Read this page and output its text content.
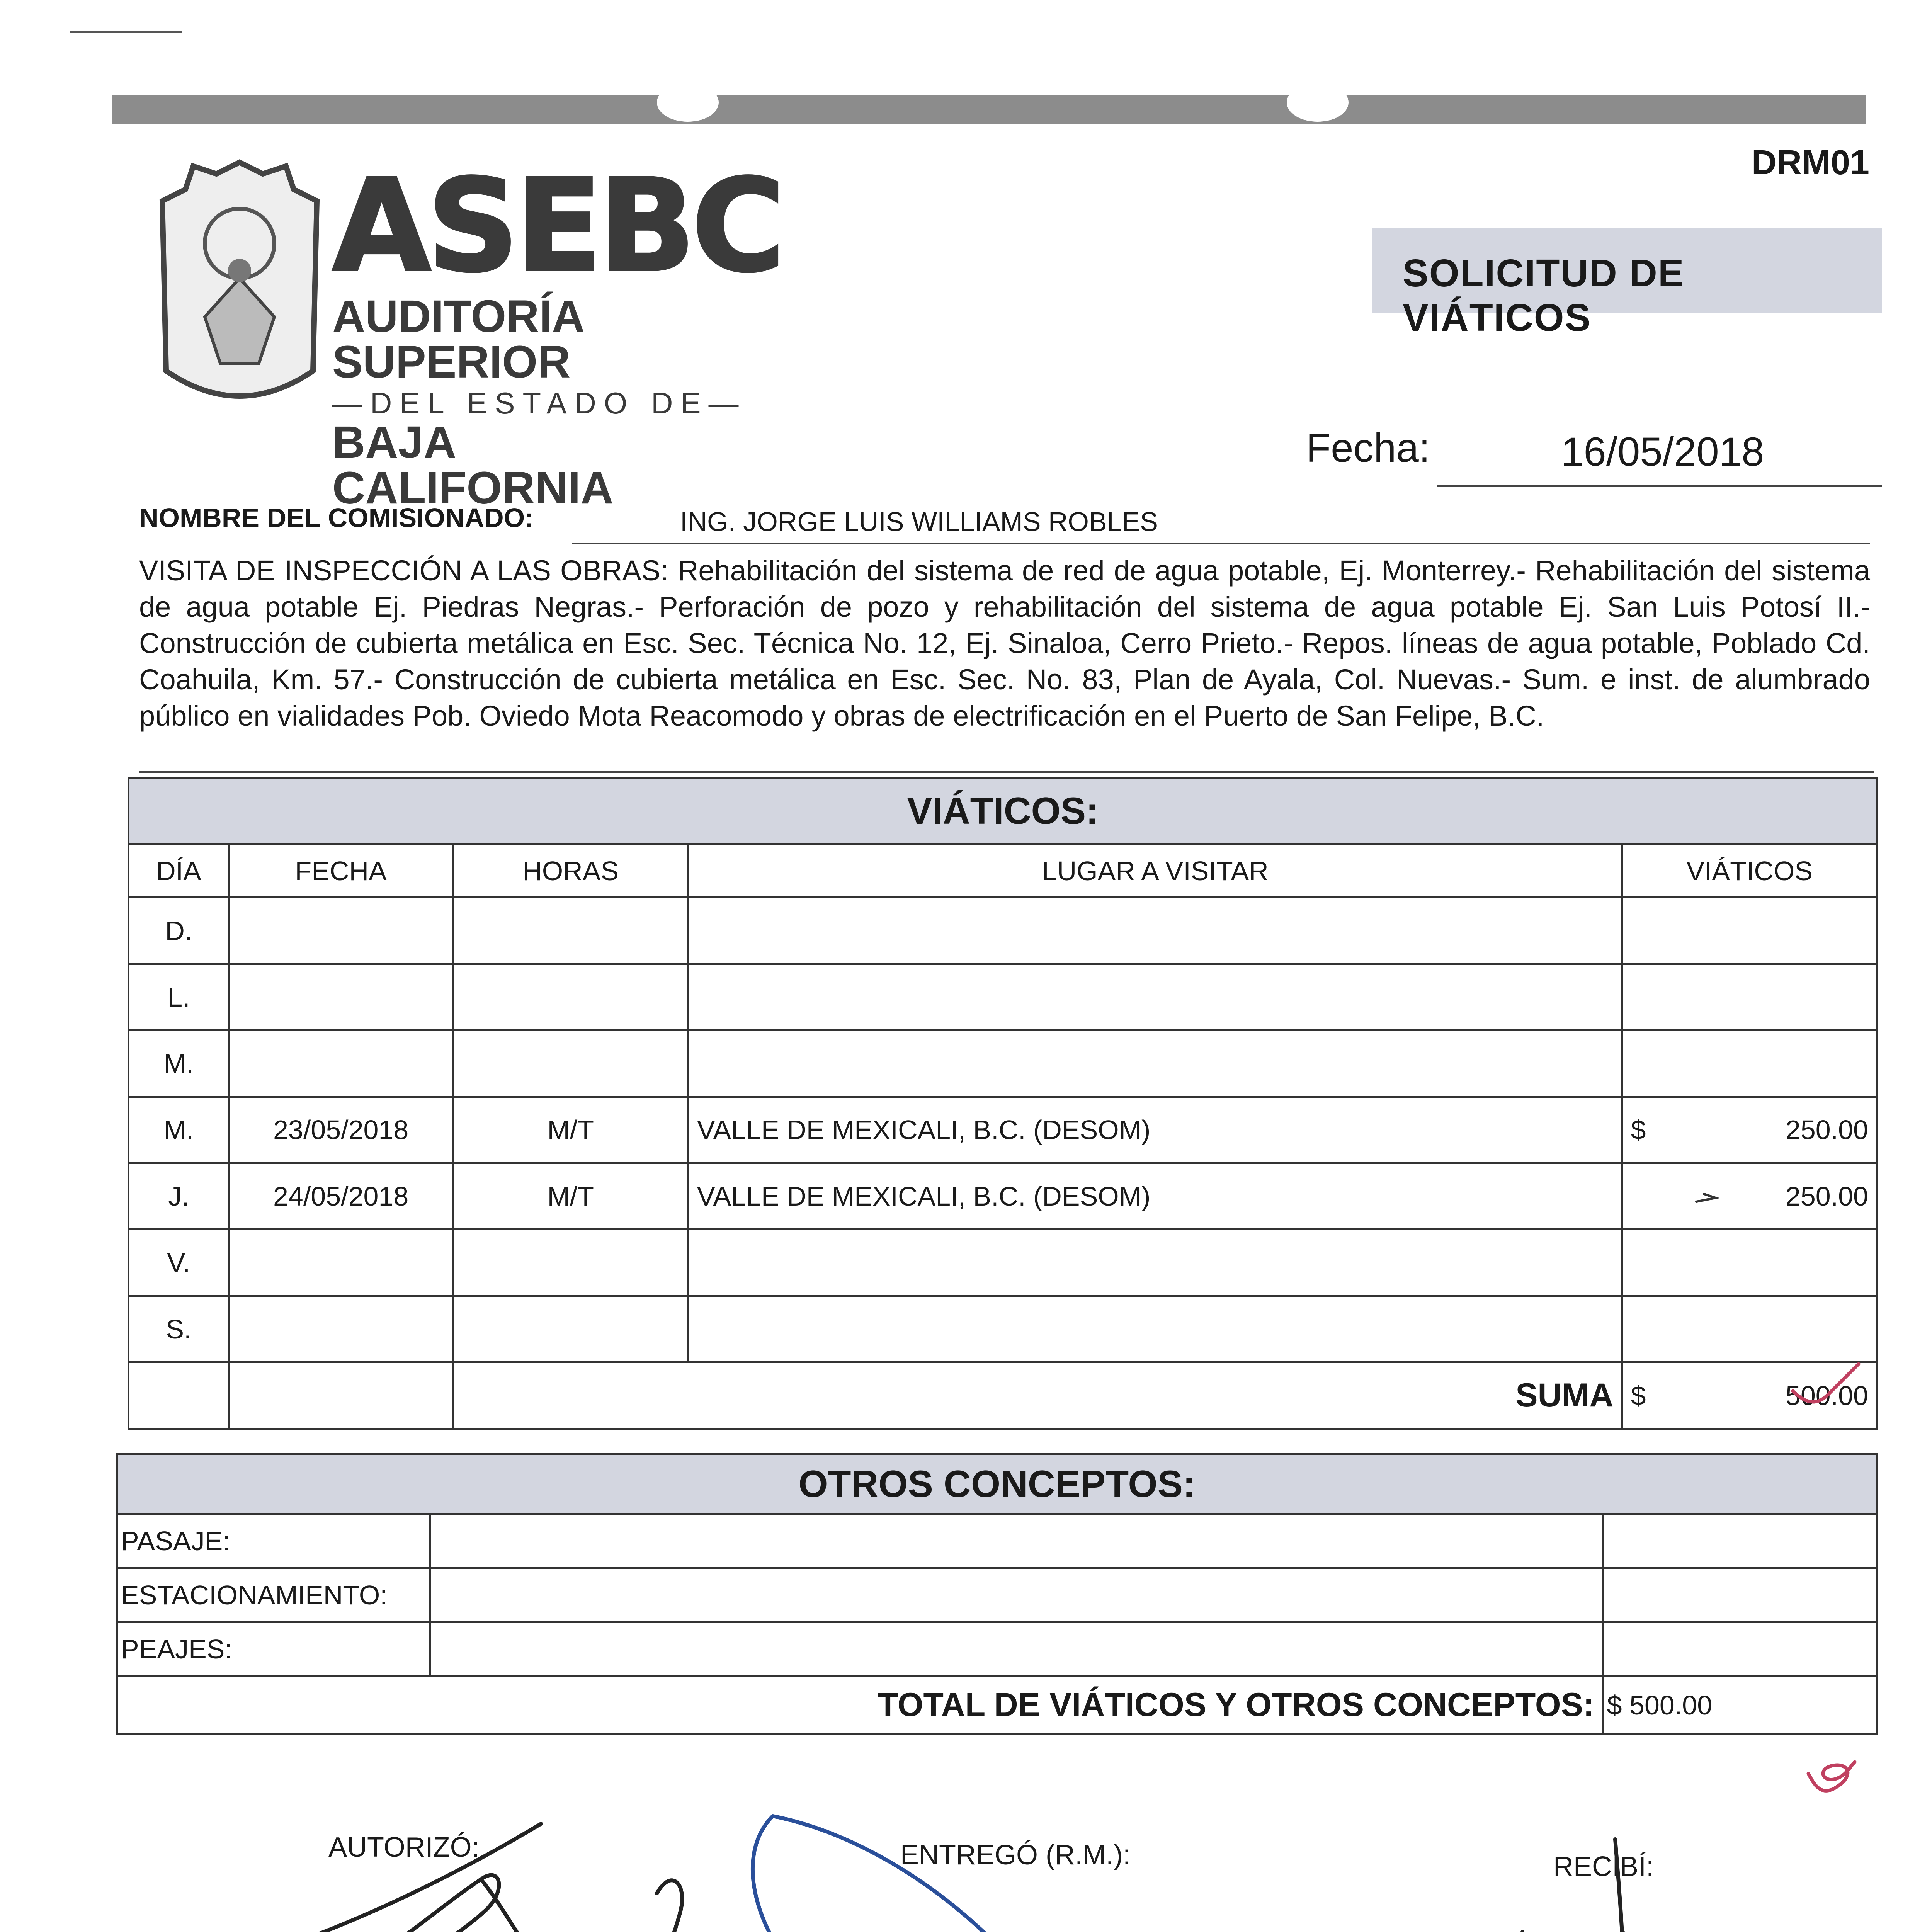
DRM01
ASEBC
AUDITORÍA SUPERIOR
—DEL ESTADO DE—
BAJA CALIFORNIA
SOLICITUD DE VIÁTICOS
Fecha:	16/05/2018
NOMBRE DEL COMISIONADO:	ING. JORGE LUIS WILLIAMS ROBLES
VISITA DE INSPECCIÓN A LAS OBRAS: Rehabilitación del sistema de red de agua potable, Ej. Monterrey.- Rehabilitación del sistema de agua potable Ej. Piedras Negras.- Perforación de pozo y rehabilitación del sistema de agua potable Ej. San Luis Potosí II.- Construcción de cubierta metálica en Esc. Sec. Técnica No. 12, Ej. Sinaloa, Cerro Prieto.- Repos. líneas de agua potable, Poblado Cd. Coahuila, Km. 57.- Construcción de cubierta metálica en Esc. Sec. No. 83, Plan de Ayala, Col. Nuevas.- Sum. e inst. de alumbrado público en vialidades Pob. Oviedo Mota Reacomodo y obras de electrificación en el Puerto de San Felipe, B.C.
VIÁTICOS:				
DÍA	FECHA	HORAS	LUGAR A VISITAR	VIÁTICOS
D.				

L.				

M.				

M.	23/05/2018	M/T	VALLE DE MEXICALI, B.C. (DESOM)	$ 250.00

J.	24/05/2018	M/T	VALLE DE MEXICALI, B.C. (DESOM)	250.00

V.				

S.				

		SUMA		$ 500.00
OTROS CONCEPTOS:		
PASAJE:		
ESTACIONAMIENTO:		
PEAJES:		
TOTAL DE VIÁTICOS Y OTROS CONCEPTOS:		$ 500.00
AUTORIZÓ:	ENTREGÓ (R.M.):	RECIBÍ:
